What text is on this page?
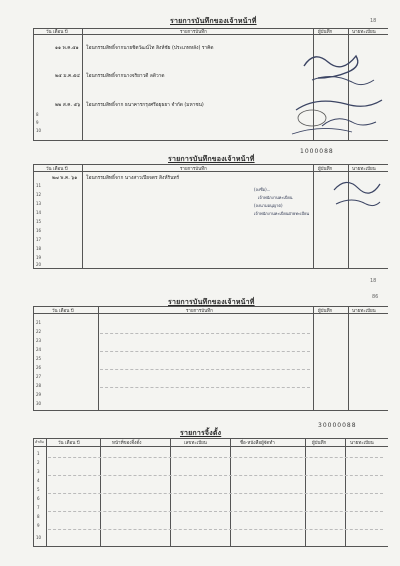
18
18
86
1000088
30000088
รายการบันทึกของเจ้าหน้าที่
วัน เดือน ปี	รายการบันทึก	ผู้บันทึก	นายทะเบียน
๑๑ พ.ค.๕๑ โอนกรรมสิทธิ์จากนายชิตวัฒน์ไท สิงห์ชัย (ประเภทหลัง) ราคิด
๒๕ ม.ค.๕๔ โอนกรรมสิทธิ์จากนางจริยาวดี ลดิวาด
๒๒ ส.ค. ๕๖ โอนกรรมสิทธิ์จาก ธนาคารกรุงศรีอยุธยา จำกัด (มหาชน)
8
9
10
รายการบันทึกของเจ้าหน้าที่
วัน เดือน ปี	รายการบันทึก	ผู้บันทึก	นายทะเบียน
๒๗ พ.ค. ๖๑ โอนกรรมสิทธิ์จาก นางสาวเปียจตร สิงห์รินทร์
11
12
13
14
15
16
17
18
19
20
(ลงชื่อ)...
เจ้าพนักงานทะเบียน
(ลงนามอนุญาต)
เจ้าพนักงานทะเบียนฝ่ายทะเบียน
รายการบันทึกของเจ้าหน้าที่
วัน เดือน ปี	รายการบันทึก	ผู้บันทึก	นายทะเบียน
21
22
23
24
25
26
27
28
29
30
รายการจิ้งตั้ง
ลำดับ	วัน เดือน ปี	หน้าที่ของจิ้งตั้ง	เลขทะเบียน	ชื่อ-หนังสือผู้จัดทำ	ผู้บันทึก	นายทะเบียน
1
2
3
4
5
6
7
8
9
10
